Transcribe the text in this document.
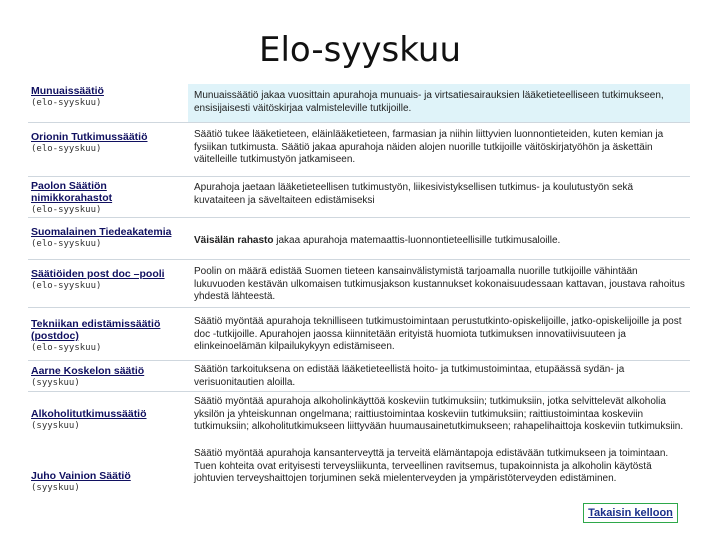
Elo-syyskuu
Munuaissäätiö
(elo-syyskuu)
Munuaissäätiö jakaa vuosittain apurahoja munuais- ja virtsatiesairauksien lääketieteelliseen tutkimukseen, ensisijaisesti väitöskirjaa valmisteleville tutkijoille.
Orionin Tutkimussäätiö
(elo-syyskuu)
Säätiö tukee lääketieteen, eläinlääketieteen, farmasian ja niihin liittyvien luonnontieteiden, kuten kemian ja fysiikan tutkimusta. Säätiö jakaa apurahoja näiden alojen nuorille tutkijoille väitöskirjatyöhön ja äskettäin väitelleille tutkimustyön jatkamiseen.
Paolon Säätiön nimikkorahastot
(elo-syyskuu)
Apurahoja jaetaan lääketieteellisen tutkimustyön, liikesivistyksellisen tutkimus- ja koulutustyön sekä kuvataiteen ja säveltaiteen edistämiseksi
Suomalainen Tiedeakatemia
(elo-syyskuu)	Väisälän rahasto jakaa apurahoja matemaattis-luonnontieteellisille tutkimusaloille.
Säätiöiden post doc –pooli
(elo-syyskuu)
Poolin on määrä edistää Suomen tieteen kansainvälistymistä tarjoamalla nuorille tutkijoille vähintään lukuvuoden kestävän ulkomaisen tutkimusjakson kustannukset kokonaisuudessaan kattavan, joustava rahoitus yhdestä lähteestä.
Tekniikan edistämissäätiö (postdoc)
(elo-syyskuu)
Säätiö myöntää apurahoja teknilliseen tutkimustoimintaan perustutkinto-opiskelijoille, jatko-opiskelijoille ja post doc -tutkijoille. Apurahojen jaossa kiinnitetään erityistä huomiota tutkimuksen innovatiivisuuteen ja elinkeinoelämän kilpailukykyyn edistämiseen.
Aarne Koskelon säätiö
(syyskuu)
Säätiön tarkoituksena on edistää lääketieteellistä hoito- ja tutkimustoimintaa, etupäässä sydän- ja verisuonitautien aloilla.
Alkoholitutkimussäätiö
(syyskuu)
Säätiö myöntää apurahoja alkoholinkäyttöä koskeviin tutkimuksiin; tutkimuksiin, jotka selvittelevät alkoholia yksilön ja yhteiskunnan ongelmana; raittiustoimintaa koskeviin tutkimuksiin; raittiustoimintaa koskeviin tutkimuksiin; alkoholitutkimukseen liittyvään huumausainetutkimukseen; rahapelihaittoja koskeviin tutkimuksiin.
Juho Vainion Säätiö
(syyskuu)
Säätiö myöntää apurahoja kansanterveyttä ja terveitä elämäntapoja edistävään tutkimukseen ja toimintaan. Tuen kohteita ovat erityisesti terveysliikunta, terveellinen ravitsemus, tupakoinnista ja alkoholin käytöstä johtuvien terveyshaittojen torjuminen sekä mielenterveyden ja ympäristöterveyden edistäminen.
Takaisin kelloon
